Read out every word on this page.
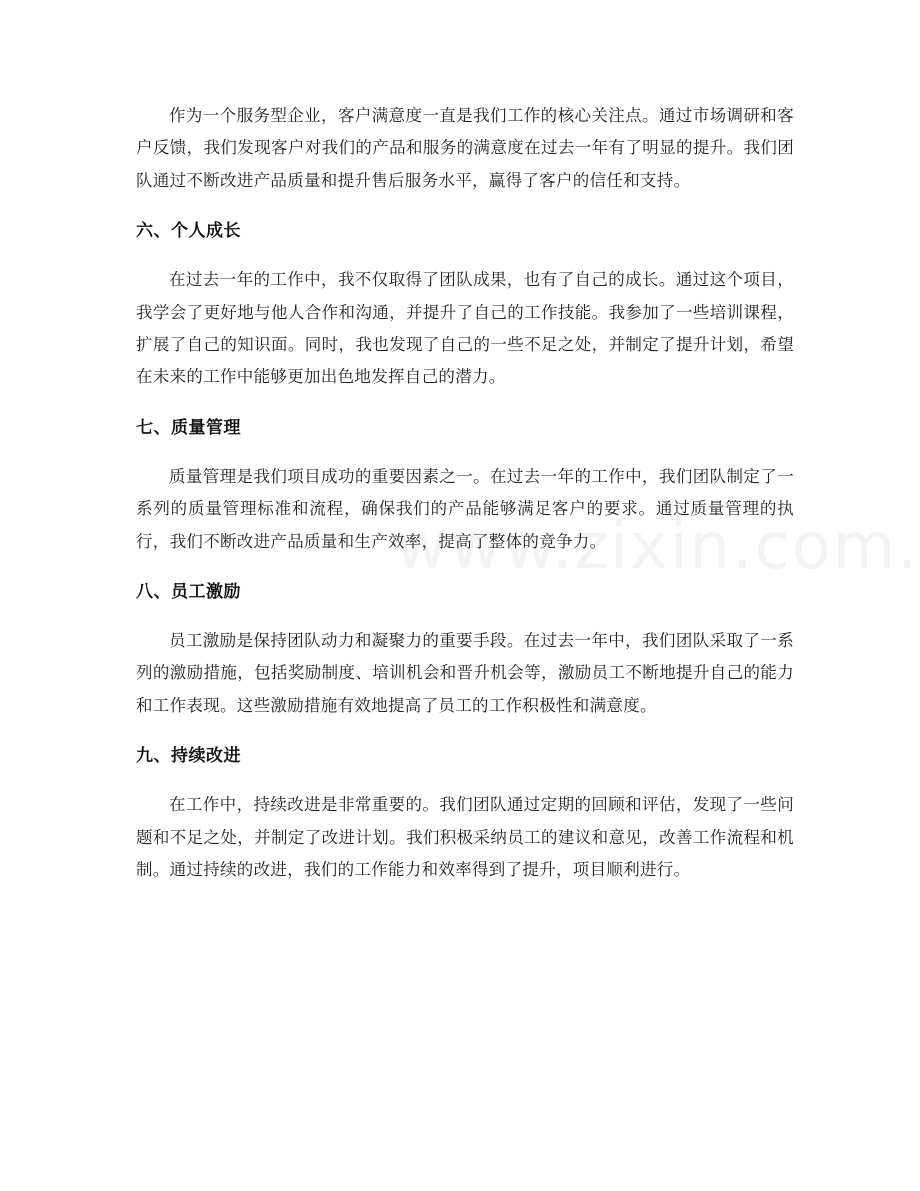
作为一个服务型企业，客户满意度一直是我们工作的核心关注点。通过市场调研和客户反馈，我们发现客户对我们的产品和服务的满意度在过去一年有了明显的提升。我们团队通过不断改进产品质量和提升售后服务水平，赢得了客户的信任和支持。

六、个人成长

在过去一年的工作中，我不仅取得了团队成果，也有了自己的成长。通过这个项目，我学会了更好地与他人合作和沟通，并提升了自己的工作技能。我参加了一些培训课程，扩展了自己的知识面。同时，我也发现了自己的一些不足之处，并制定了提升计划，希望在未来的工作中能够更加出色地发挥自己的潜力。

七、质量管理

质量管理是我们项目成功的重要因素之一。在过去一年的工作中，我们团队制定了一系列的质量管理标准和流程，确保我们的产品能够满足客户的要求。通过质量管理的执行，我们不断改进产品质量和生产效率，提高了整体的竞争力。

八、员工激励

员工激励是保持团队动力和凝聚力的重要手段。在过去一年中，我们团队采取了一系列的激励措施，包括奖励制度、培训机会和晋升机会等，激励员工不断地提升自己的能力和工作表现。这些激励措施有效地提高了员工的工作积极性和满意度。

九、持续改进

在工作中，持续改进是非常重要的。我们团队通过定期的回顾和评估，发现了一些问题和不足之处，并制定了改进计划。我们积极采纳员工的建议和意见，改善工作流程和机制。通过持续的改进，我们的工作能力和效率得到了提升，项目顺利进行。
